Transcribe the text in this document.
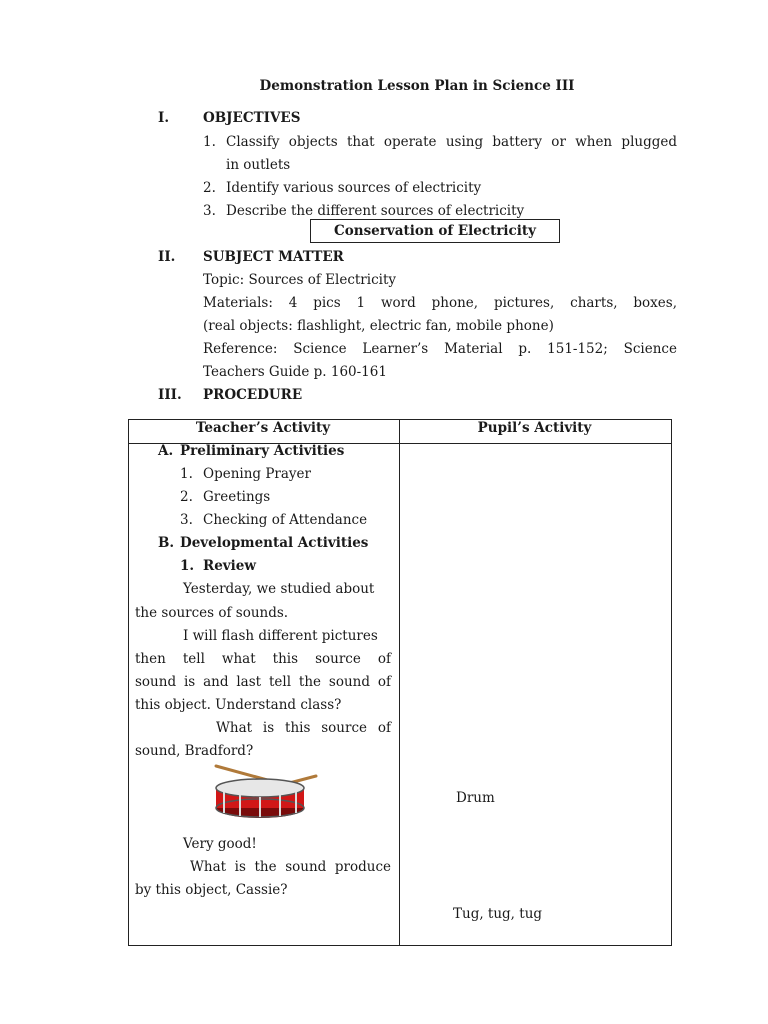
Demonstration Lesson Plan in Science III
I.	OBJECTIVES
1. Classify objects that operate using battery or when plugged
in outlets
2. Identify various sources of electricity
3. Describe the different sources of electricity
Conservation of Electricity
II. SUBJECT MATTER
Topic: Sources of Electricity
Materials: 4 pics 1 word phone, pictures, charts, boxes,
(real objects: flashlight, electric fan, mobile phone)
Reference: Science Learner’s Material p. 151-152; Science
Teachers Guide p. 160-161
III. PROCEDURE
Teacher’s Activity	Pupil’s Activity
A. Preliminary Activities
1. Opening Prayer
2. Greetings
3. Checking of Attendance
B. Developmental Activities
1. Review
Yesterday, we studied about
the sources of sounds.
I will flash different pictures
then tell what this source of
sound is and last tell the sound of
this object. Understand class?
What is this source of
sound, Bradford?
Very good!
What is the sound produce
by this object, Cassie?
Drum
Tug, tug, tug
